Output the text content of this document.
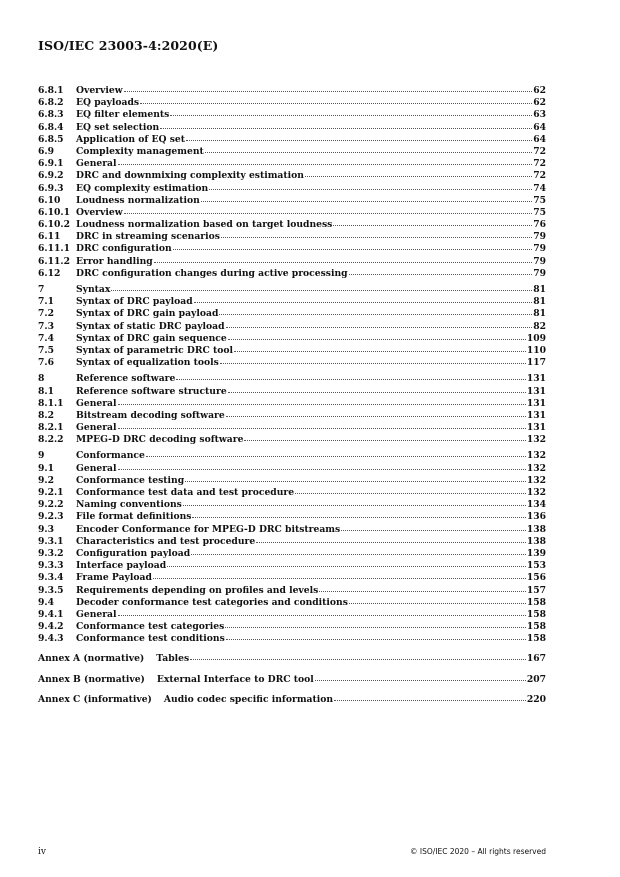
ISO/IEC 23003-4:2020(E)
6.8.1	Overview	62
6.8.2	EQ payloads	62
6.8.3	EQ filter elements	63
6.8.4	EQ set selection	64
6.8.5	Application of EQ set	64
6.9	Complexity management	72
6.9.1	General	72
6.9.2	DRC and downmixing complexity estimation	72
6.9.3	EQ complexity estimation	74
6.10	Loudness normalization	75
6.10.1 Overview	75
6.10.2 Loudness normalization based on target loudness	76
6.11	DRC in streaming scenarios	79
6.11.1 DRC configuration	79
6.11.2 Error handling	79
6.12	DRC configuration changes during active processing	79
7	Syntax	81
7.1	Syntax of DRC payload	81
7.2	Syntax of DRC gain payload	81
7.3	Syntax of static DRC payload	82
7.4	Syntax of DRC gain sequence	109
7.5	Syntax of parametric DRC tool	110
7.6	Syntax of equalization tools	117
8	Reference software	131
8.1	Reference software structure	131
8.1.1	General	131
8.2	Bitstream decoding software	131
8.2.1	General	131
8.2.2	MPEG-D DRC decoding software	132
9	Conformance	132
9.1	General	132
9.2	Conformance testing	132
9.2.1	Conformance test data and test procedure	132
9.2.2	Naming conventions	134
9.2.3	File format definitions	136
9.3	Encoder Conformance for MPEG-D DRC bitstreams	138
9.3.1	Characteristics and test procedure	138
9.3.2	Configuration payload	139
9.3.3	Interface payload	153
9.3.4	Frame Payload	156
9.3.5	Requirements depending on profiles and levels	157
9.4	Decoder conformance test categories and conditions	158
9.4.1	General	158
9.4.2	Conformance test categories	158
9.4.3	Conformance test conditions	158
Annex A (normative) Tables	167
Annex B (normative) External Interface to DRC tool	207
Annex C (informative) Audio codec specific information	220
iv	© ISO/IEC 2020 – All rights reserved
